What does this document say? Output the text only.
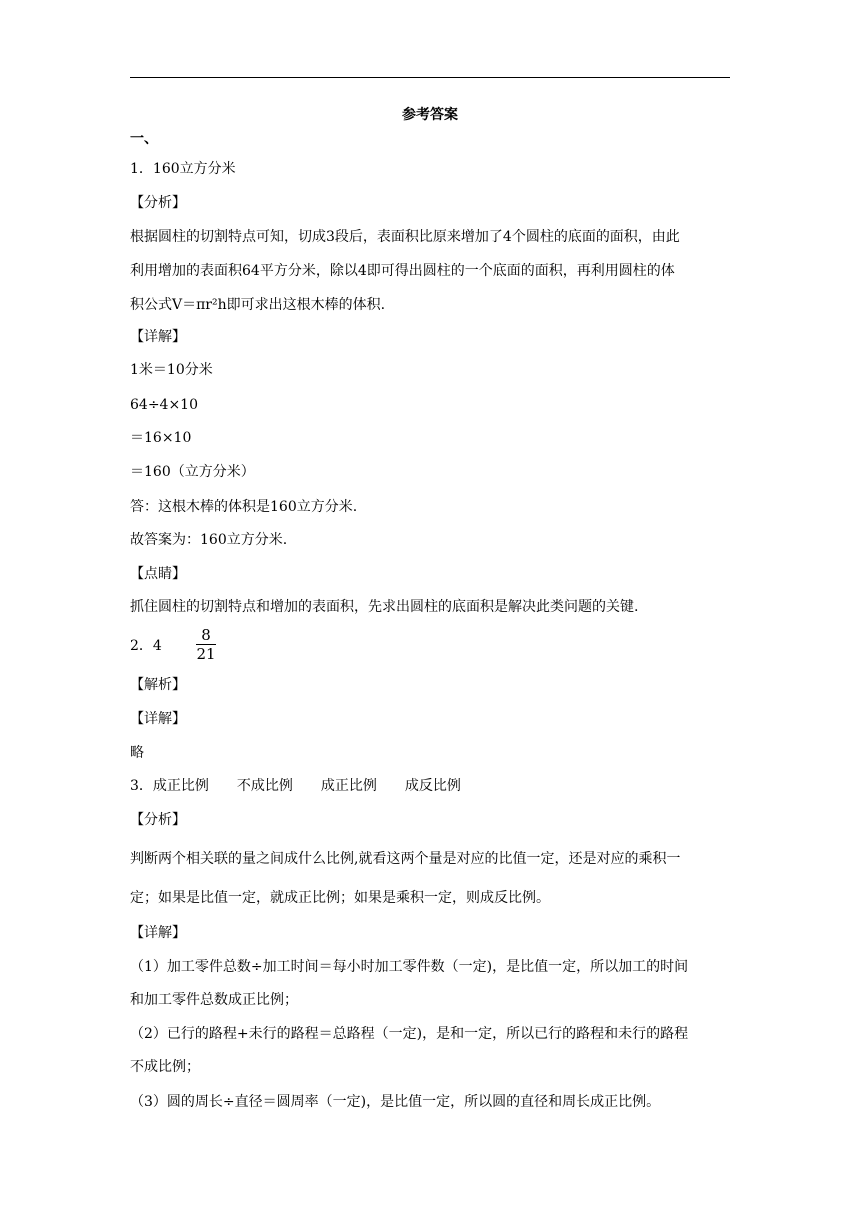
参考答案
一、
1．160立方分米
【分析】
根据圆柱的切割特点可知，切成3段后，表面积比原来增加了4个圆柱的底面的面积，由此
利用增加的表面积64平方分米，除以4即可得出圆柱的一个底面的面积，再利用圆柱的体
积公式V＝πr²h即可求出这根木棒的体积.
【详解】
1米＝10分米
64÷4×10
＝16×10
＝160（立方分米）
答：这根木棒的体积是160立方分米.
故答案为：160立方分米.
【点睛】
抓住圆柱的切割特点和增加的表面积，先求出圆柱的底面积是解决此类问题的关键.
2．4
8
21
【解析】
【详解】
略
3．成正比例　　不成比例　　成正比例　　成反比例
【分析】
判断两个相关联的量之间成什么比例,就看这两个量是对应的比值一定，还是对应的乘积一
定；如果是比值一定，就成正比例；如果是乘积一定，则成反比例。
【详解】
（1）加工零件总数÷加工时间＝每小时加工零件数（一定)，是比值一定，所以加工的时间
和加工零件总数成正比例；
（2）已行的路程+未行的路程＝总路程（一定)，是和一定，所以已行的路程和未行的路程
不成比例；
（3）圆的周长÷直径＝圆周率（一定)，是比值一定，所以圆的直径和周长成正比例。
